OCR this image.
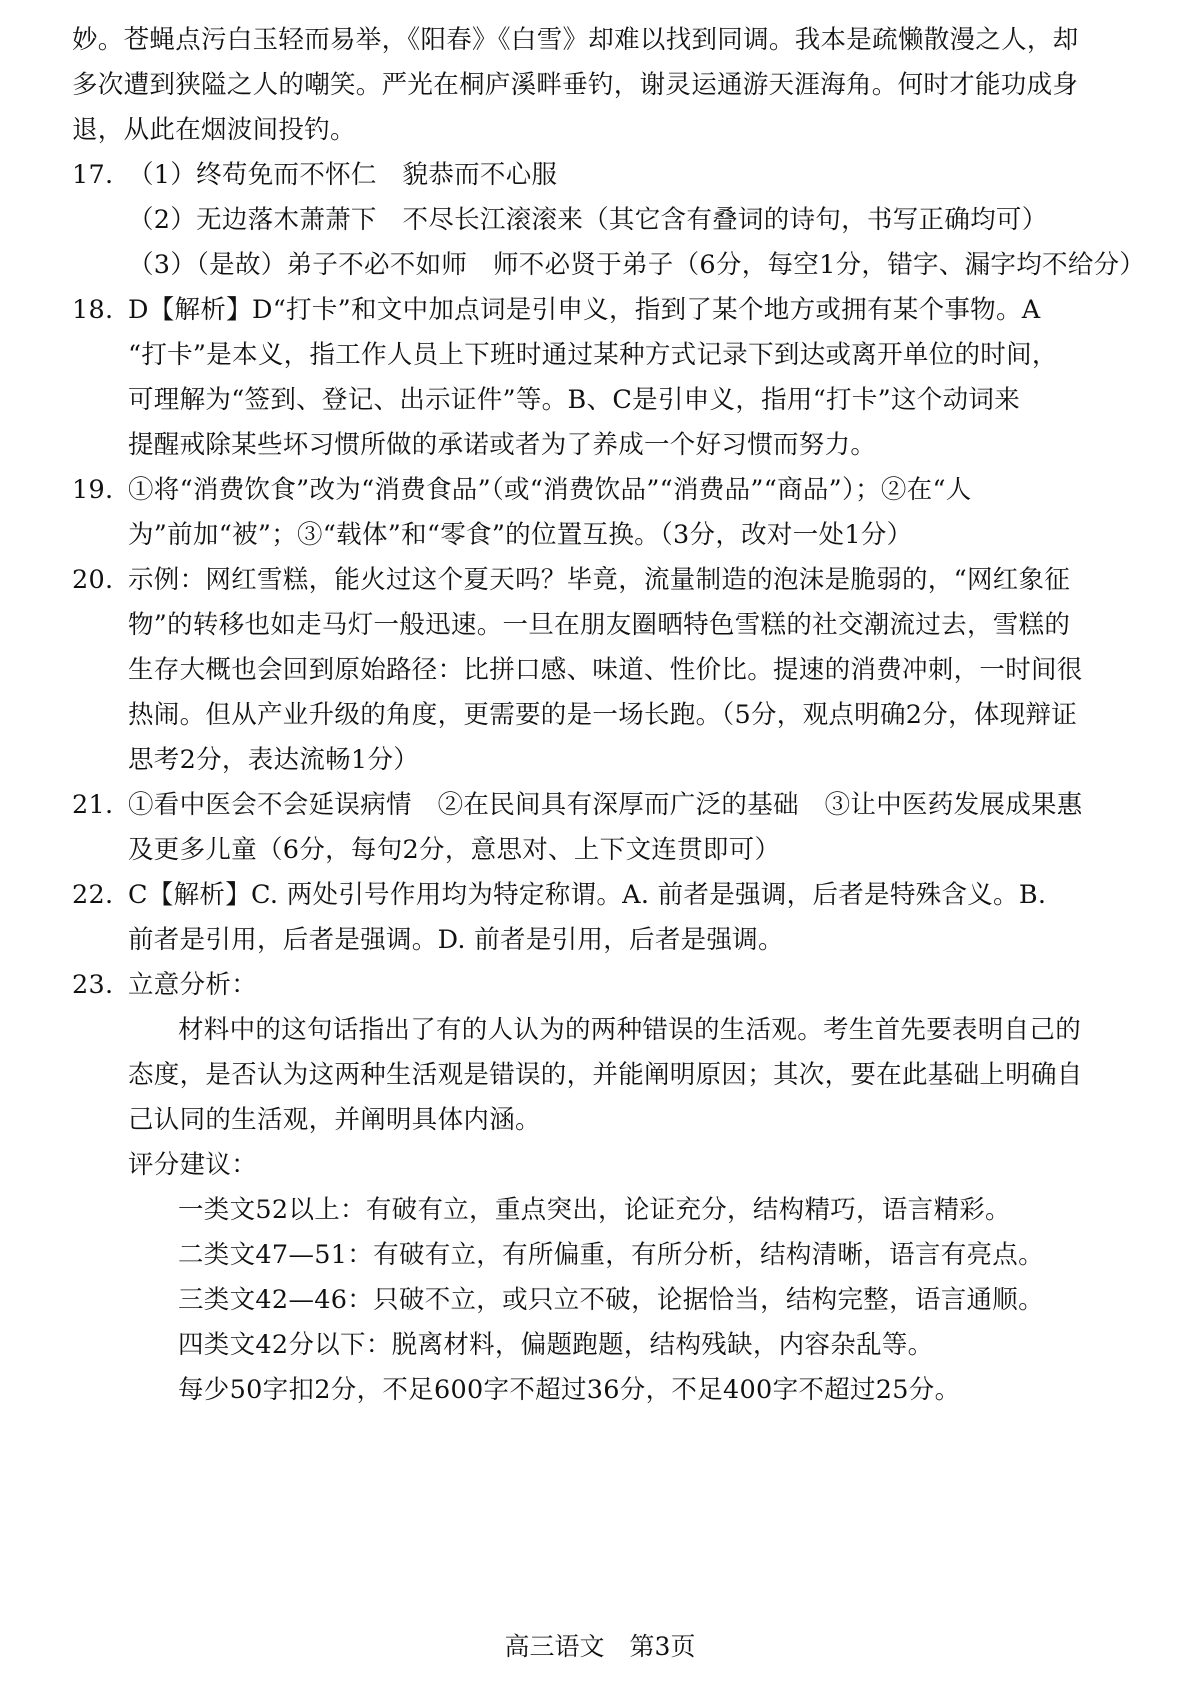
妙。苍蝇点污白玉轻而易举，《阳春》《白雪》却难以找到同调。我本是疏懒散漫之人，却
多次遭到狭隘之人的嘲笑。严光在桐庐溪畔垂钓，谢灵运通游天涯海角。何时才能功成身
退，从此在烟波间投钓。
17. （1）终苟免而不怀仁　貌恭而不心服
（2）无边落木萧萧下　不尽长江滚滚来（其它含有叠词的诗句，书写正确均可）
（3）（是故）弟子不必不如师　师不必贤于弟子（6分，每空1分，错字、漏字均不给分）
18. D【解析】D“打卡”和文中加点词是引申义，指到了某个地方或拥有某个事物。A
“打卡”是本义，指工作人员上下班时通过某种方式记录下到达或离开单位的时间，
可理解为“签到、登记、出示证件”等。B、C是引申义，指用“打卡”这个动词来
提醒戒除某些坏习惯所做的承诺或者为了养成一个好习惯而努力。
19. ①将“消费饮食”改为“消费食品”（或“消费饮品”“消费品”“商品”）；②在“人
为”前加“被”；③“载体”和“零食”的位置互换。（3分，改对一处1分）
20. 示例：网红雪糕，能火过这个夏天吗？毕竟，流量制造的泡沫是脆弱的，“网红象征
物”的转移也如走马灯一般迅速。一旦在朋友圈晒特色雪糕的社交潮流过去，雪糕的
生存大概也会回到原始路径：比拼口感、味道、性价比。提速的消费冲刺，一时间很
热闹。但从产业升级的角度，更需要的是一场长跑。（5分，观点明确2分，体现辩证
思考2分，表达流畅1分）
21. ①看中医会不会延误病情　②在民间具有深厚而广泛的基础　③让中医药发展成果惠
及更多儿童（6分，每句2分，意思对、上下文连贯即可）
22. C【解析】C. 两处引号作用均为特定称谓。A. 前者是强调，后者是特殊含义。B.
前者是引用，后者是强调。D. 前者是引用，后者是强调。
23. 立意分析：
材料中的这句话指出了有的人认为的两种错误的生活观。考生首先要表明自己的
态度，是否认为这两种生活观是错误的，并能阐明原因；其次，要在此基础上明确自
己认同的生活观，并阐明具体内涵。
评分建议：
一类文52以上：有破有立，重点突出，论证充分，结构精巧，语言精彩。
二类文47—51：有破有立，有所偏重，有所分析，结构清晰，语言有亮点。
三类文42—46：只破不立，或只立不破，论据恰当，结构完整，语言通顺。
四类文42分以下：脱离材料，偏题跑题，结构残缺，内容杂乱等。
每少50字扣2分，不足600字不超过36分，不足400字不超过25分。
高三语文　第3页
